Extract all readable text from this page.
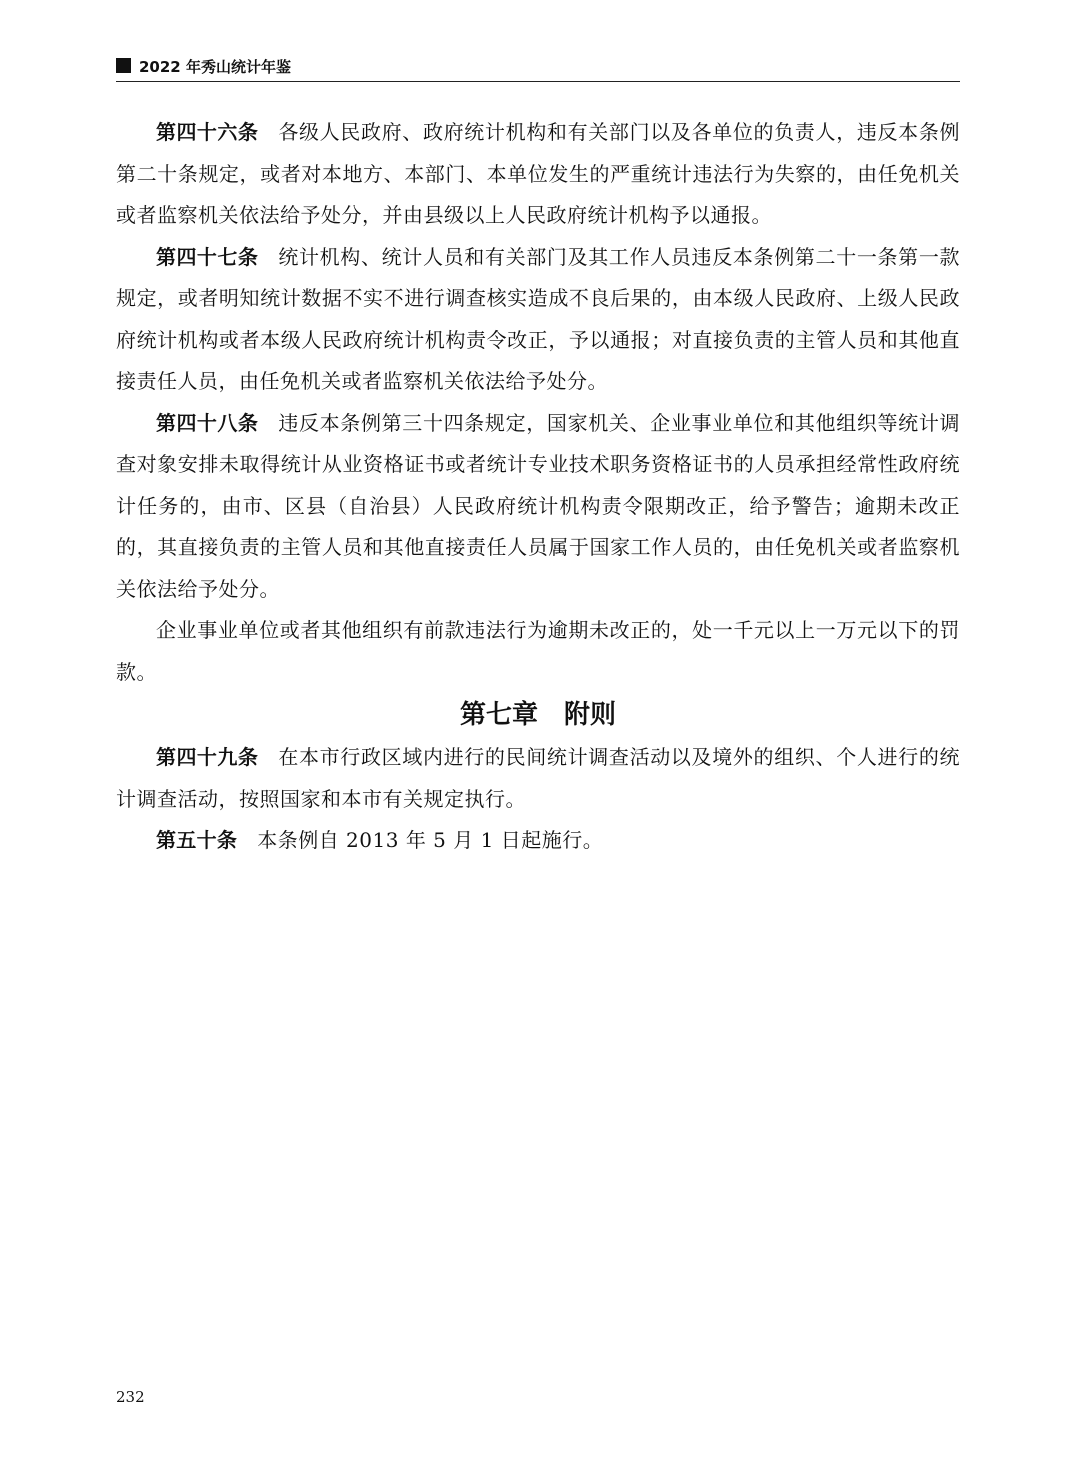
2022 年秀山统计年鉴

第四十六条 各级人民政府、政府统计机构和有关部门以及各单位的负责人，违反本条例第二十条规定，或者对本地方、本部门、本单位发生的严重统计违法行为失察的，由任免机关或者监察机关依法给予处分，并由县级以上人民政府统计机构予以通报。

第四十七条 统计机构、统计人员和有关部门及其工作人员违反本条例第二十一条第一款规定，或者明知统计数据不实不进行调查核实造成不良后果的，由本级人民政府、上级人民政府统计机构或者本级人民政府统计机构责令改正，予以通报；对直接负责的主管人员和其他直接责任人员，由任免机关或者监察机关依法给予处分。

第四十八条 违反本条例第三十四条规定，国家机关、企业事业单位和其他组织等统计调查对象安排未取得统计从业资格证书或者统计专业技术职务资格证书的人员承担经常性政府统计任务的，由市、区县（自治县）人民政府统计机构责令限期改正，给予警告；逾期未改正的，其直接负责的主管人员和其他直接责任人员属于国家工作人员的，由任免机关或者监察机关依法给予处分。

企业事业单位或者其他组织有前款违法行为逾期未改正的，处一千元以上一万元以下的罚款。

第七章　附则

第四十九条 在本市行政区域内进行的民间统计调查活动以及境外的组织、个人进行的统计调查活动，按照国家和本市有关规定执行。

第五十条 本条例自 2013 年 5 月 1 日起施行。

232
